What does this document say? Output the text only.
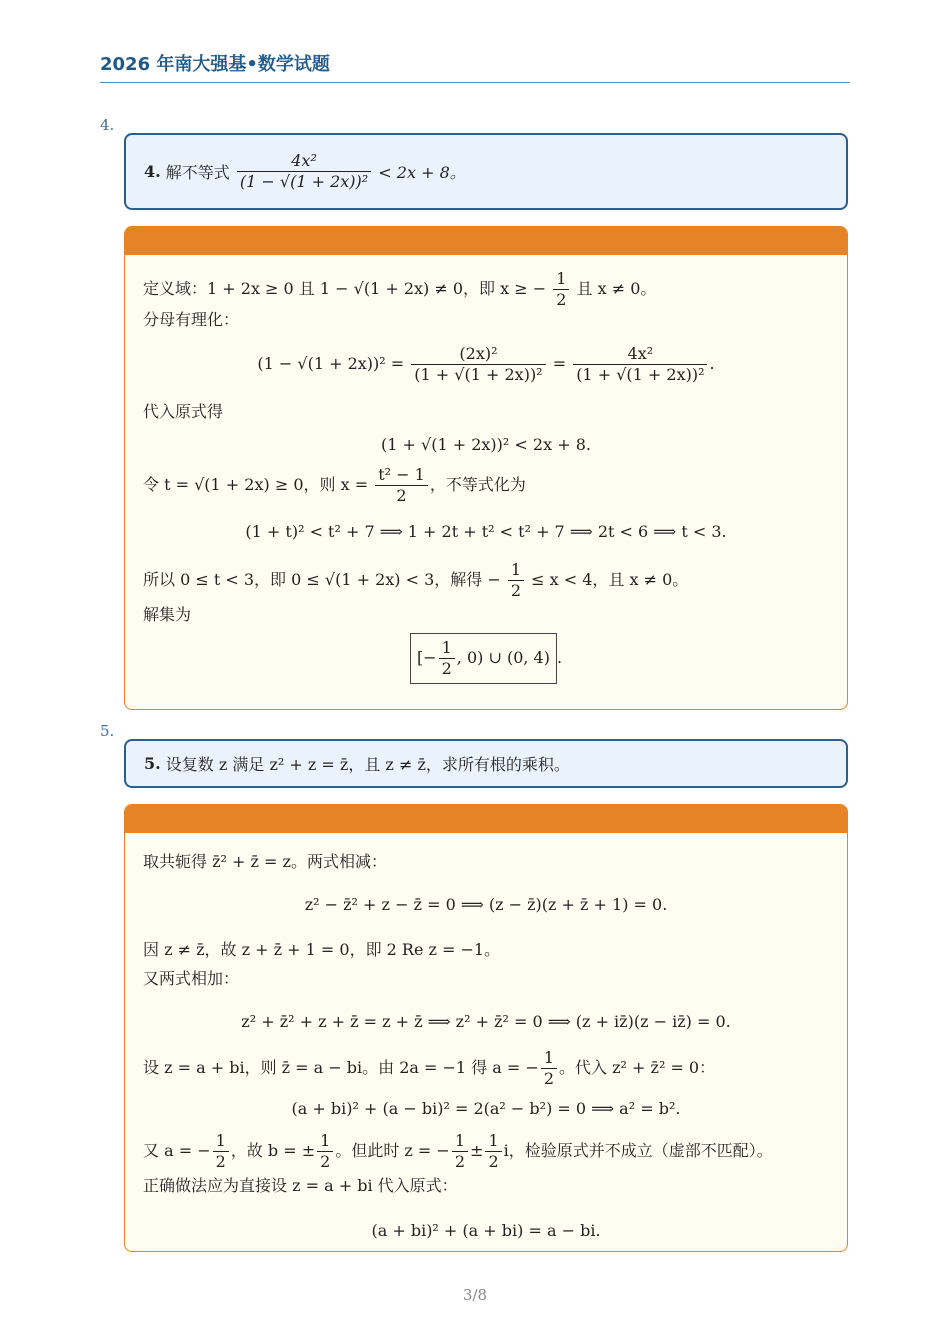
2026 年南大强基•数学试题
4.
4.
解不等式
$\frac{\text{4x²}}{\text{(1 − √(1 + 2x))²}}$
< 2x + 8。
定义域：1 + 2x ≥ 0 且 1 − √(1 + 2x) ≠ 0，即 x ≥ − $\frac{1}{2}$ 且 x ≠ 0。
分母有理化：
$(1 - √(1 + 2x))^2 = \frac{\text{(2x)²}}{\text{(1 + √(1 + 2x))²}} = \frac{\text{4x²}}{\text{(1 + √(1 + 2x))²}}$ .
代入原式得
(1 + √(1 + 2x))² < 2x + 8.
令 t = √(1 + 2x) ≥ 0，则 $x = \frac{\text{t² − 1}}{2}$ ，不等式化为
(1 + t)² < t² + 7 ⟹ 1 + 2t + t² < t² + 7 ⟹ 2t < 6 ⟹ t < 3.
所以 0 ≤ t < 3，即 0 ≤ √(1 + 2x) < 3，解得 − $\frac{1}{2} \le x < 4$，且 x ≠ 0。
解集为
[− $\frac{1}{2}$ , 0) ∪ (0, 4) .
5.
5.
设复数 z 满足 z² + z = z̄，且 z ≠ z̄，求所有根的乘积。
取共轭得 z̄² + z̄ = z。两式相减：
z² − z̄² + z − z̄ = 0 ⟹ (z − z̄)(z + z̄ + 1) = 0.
因 z ≠ z̄，故 z + z̄ + 1 = 0，即 2 Re z = −1。
又两式相加：
z² + z̄² + z + z̄ = z + z̄ ⟹ z² + z̄² = 0 ⟹ (z + iz̄)(z − iz̄) = 0.
设 z = a + bi，则 z̄ = a − bi。由 2a = −1 得 a = − $\frac{1}{2}$ 。代入 z² + z̄² = 0：
(a + bi)² + (a − bi)² = 2(a² − b²) = 0 ⟹ a² = b².
又 a = − $\frac{1}{2}$ ，故 b = ± $\frac{1}{2}$ 。但此时 z = − $\frac{1}{2} \pm \frac{1}{2}$ i，检验原式并不成立（虚部不匹配）。
正确做法应为直接设 z = a + bi 代入原式：
(a + bi)² + (a + bi) = a − bi.
3/8
